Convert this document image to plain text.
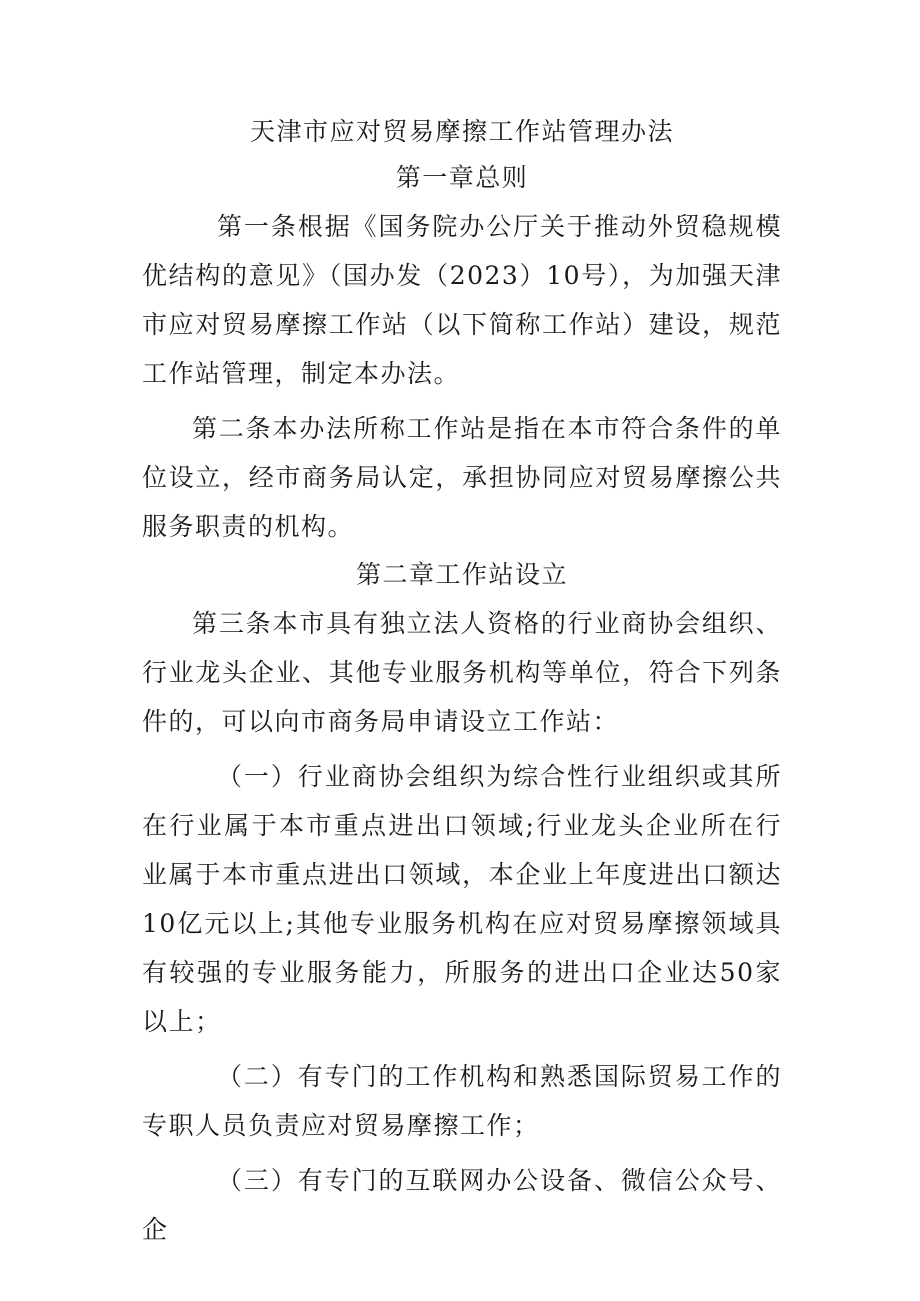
天津市应对贸易摩擦工作站管理办法
第一章总则

第一条根据《国务院办公厅关于推动外贸稳规模优结构的意见》（国办发（2023）10号），为加强天津市应对贸易摩擦工作站（以下简称工作站）建设，规范工作站管理，制定本办法。

第二条本办法所称工作站是指在本市符合条件的单位设立，经市商务局认定，承担协同应对贸易摩擦公共服务职责的机构。

第二章工作站设立

第三条本市具有独立法人资格的行业商协会组织、行业龙头企业、其他专业服务机构等单位，符合下列条件的，可以向市商务局申请设立工作站：

（一）行业商协会组织为综合性行业组织或其所在行业属于本市重点进出口领域;行业龙头企业所在行业属于本市重点进出口领域，本企业上年度进出口额达10亿元以上;其他专业服务机构在应对贸易摩擦领域具有较强的专业服务能力，所服务的进出口企业达50家以上；

（二）有专门的工作机构和熟悉国际贸易工作的专职人员负责应对贸易摩擦工作；

（三）有专门的互联网办公设备、微信公众号、企
